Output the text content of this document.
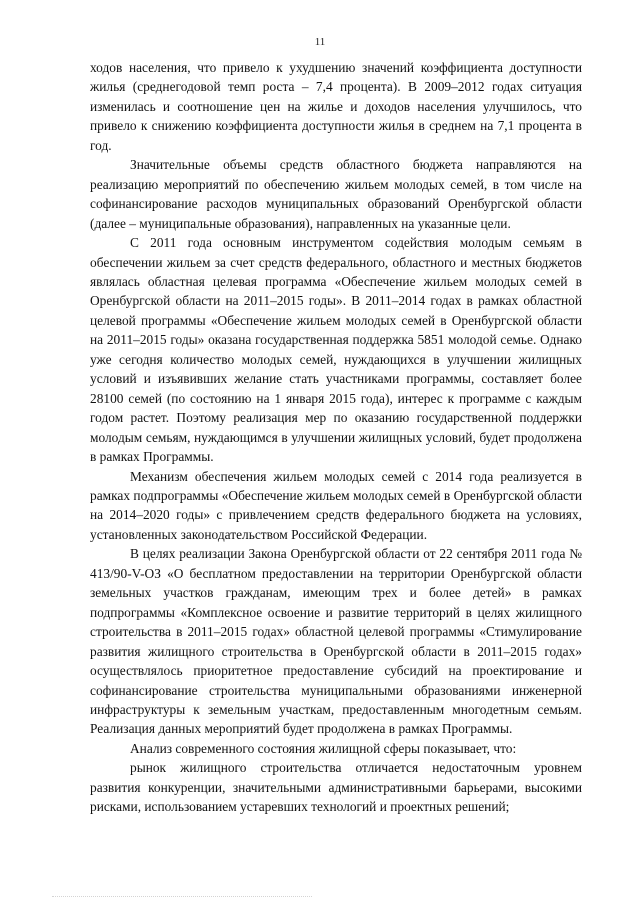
11

ходов населения, что привело к ухудшению значений коэффициента доступности жилья (среднегодовой темп роста – 7,4 процента). В 2009–2012 годах ситуация изменилась и соотношение цен на жилье и доходов населения улучшилось, что привело к снижению коэффициента доступности жилья в среднем на 7,1 процента в год.

Значительные объемы средств областного бюджета направляются на реализацию мероприятий по обеспечению жильем молодых семей, в том числе на софинансирование расходов муниципальных образований Оренбургской области (далее – муниципальные образования), направленных на указанные цели.

С 2011 года основным инструментом содействия молодым семьям в обеспечении жильем за счет средств федерального, областного и местных бюджетов являлась областная целевая программа «Обеспечение жильем молодых семей в Оренбургской области на 2011–2015 годы». В 2011–2014 годах в рамках областной целевой программы «Обеспечение жильем молодых семей в Оренбургской области на 2011–2015 годы» оказана государственная поддержка 5851 молодой семье. Однако уже сегодня количество молодых семей, нуждающихся в улучшении жилищных условий и изъявивших желание стать участниками программы, составляет более 28100 семей (по состоянию на 1 января 2015 года), интерес к программе с каждым годом растет. Поэтому реализация мер по оказанию государственной поддержки молодым семьям, нуждающимся в улучшении жилищных условий, будет продолжена в рамках Программы.

Механизм обеспечения жильем молодых семей с 2014 года реализуется в рамках подпрограммы «Обеспечение жильем молодых семей в Оренбургской области на 2014–2020 годы» с привлечением средств федерального бюджета на условиях, установленных законодательством Российской Федерации.

В целях реализации Закона Оренбургской области от 22 сентября 2011 года № 413/90-V-ОЗ «О бесплатном предоставлении на территории Оренбургской области земельных участков гражданам, имеющим трех и более детей» в рамках подпрограммы «Комплексное освоение и развитие территорий в целях жилищного строительства в 2011–2015 годах» областной целевой программы «Стимулирование развития жилищного строительства в Оренбургской области в 2011–2015 годах» осуществлялось приоритетное предоставление субсидий на проектирование и софинансирование строительства муниципальными образованиями инженерной инфраструктуры к земельным участкам, предоставленным многодетным семьям. Реализация данных мероприятий будет продолжена в рамках Программы.

Анализ современного состояния жилищной сферы показывает, что:

рынок жилищного строительства отличается недостаточным уровнем развития конкуренции, значительными административными барьерами, высокими рисками, использованием устаревших технологий и проектных решений;
